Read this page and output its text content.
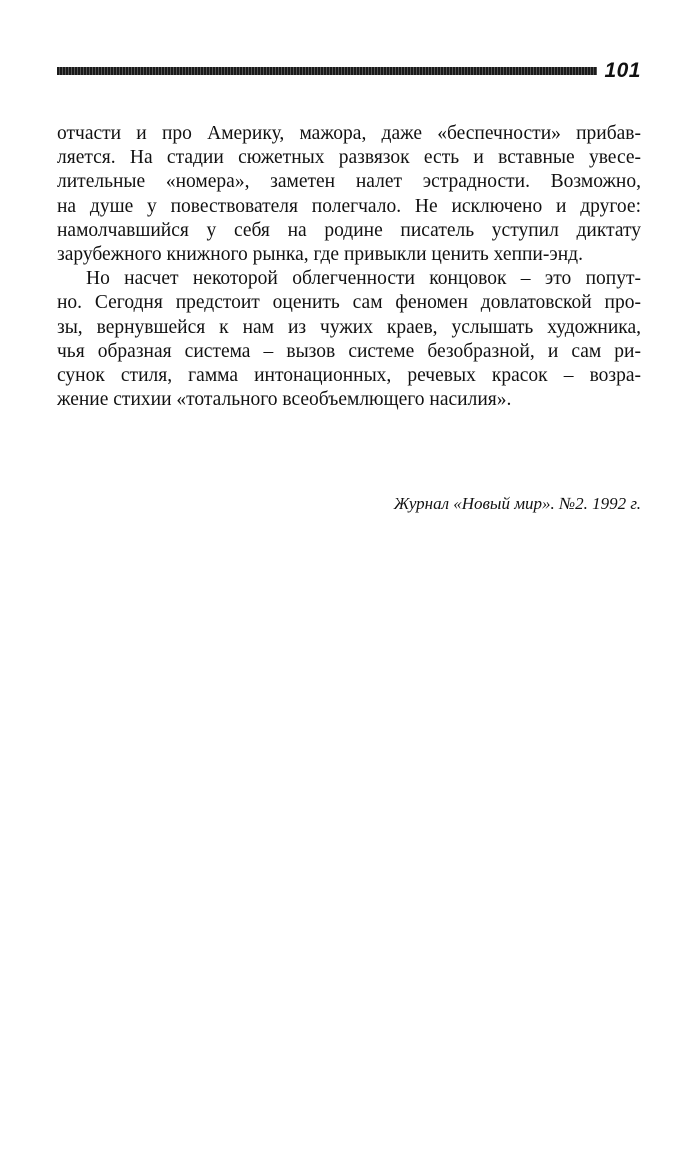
101
отчасти и про Америку, мажора, даже «беспечности» прибав-
ляется. На стадии сюжетных развязок есть и вставные увесе-
лительные «номера», заметен налет эстрадности. Возможно,
на душе у повествователя полегчало. Не исключено и другое:
намолчавшийся у себя на родине писатель уступил диктату
зарубежного книжного рынка, где привыкли ценить хеппи-энд.
Но насчет некоторой облегченности концовок – это попут-
но. Сегодня предстоит оценить сам феномен довлатовской про-
зы, вернувшейся к нам из чужих краев, услышать художника,
чья образная система – вызов системе безобразной, и сам ри-
сунок стиля, гамма интонационных, речевых красок – возра-
жение стихии «тотального всеобъемлющего насилия».
Журнал «Новый мир». №2. 1992 г.
